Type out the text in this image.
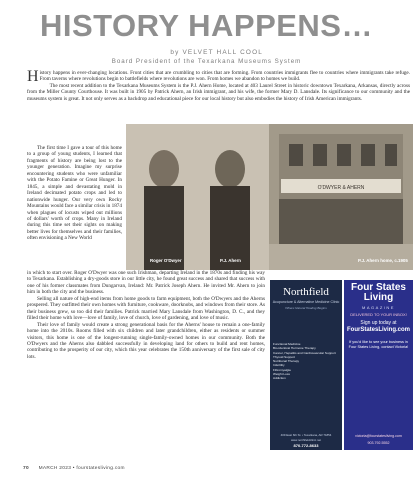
HISTORY HAPPENS…
by VELVET HALL COOL
Board President of the Texarkana Museums System

History happens in ever-changing locations. Front cities that are crumbling to cities that are forming. From countries immigrants flee to countries where immigrants take refuge. From taverns where revolutions begin to battlefields where revolutions are won. From homes we abandon to homes we build.

The most recent addition to the Texarkana Museums System is the P.J. Ahern Home, located at 403 Laurel Street in historic downtown Texarkana, Arkansas, directly across from the Miller County Courthouse. It was built in 1905 by Patrick Ahern, an Irish immigrant, and his wife, the former Mary D. Lansdale. Its significance to our community and the museums system is great. It not only serves as a backdrop and educational piece for our local history but also embodies the history of Irish American immigrants.

The first time I gave a tour of this home to a group of young students, I learned that fragments of history are being lost to the younger generation. Imagine my surprise encountering students who were unfamiliar with the Potato Famine or Great Hunger. In 1845, a simple and devastating mold in Ireland decimated potato crops and led to nationwide hunger. Our very own Rocky Mountains would face a similar crisis in 1874 when plagues of locusts wiped out millions of dollars' worth of crops. Many in Ireland during this time set their sights on making better lives for themselves and their families, often envisioning a New World

O'DWYER & AHERN
Roger O'Dwyer	P.J. Ahern	P.J. Ahern home, c.1905

in which to start over. Roger O'Dwyer was one such Irishman, departing Ireland in the 1870s and finding his way to Texarkana. Establishing a dry-goods store in our little city, he found great success and shared that success with one of his former classmates from Dungarvan, Ireland: Mr. Patrick Joseph Ahern. He invited Mr. Ahern to join him in both the city and the business.

Selling all nature of high-end items from home goods to farm equipment, both the O'Dwyers and the Aherns prospered. They outfitted their own homes with furniture, cookware, doorknobs, and windows from their store. As their business grew, so too did their families. Patrick married Mary Lansdale from Washington, D. C., and they filled their home with love—love of family, love of church, love of gardening, and love of music.

Their love of family would create a strong generational basis for the Aherns' house to remain a one-family home into the 2010s. Rooms filled with six children and later grandchildren, either as residents or summer visitors, this home is one of the longest-running single-family-owned homes in our community. Both the O'Dwyers and the Aherns also dabbled successfully in developing land for others to build and rent homes, contributing to the prosperity of our city, which this year celebrates the 150th anniversary of the first sale of city lots.

Northfield
Acupuncture & Alternative Medicine Clinic
Where Natural Healing Begins
Functional Medicine
Bio-Identical Hormone Therapy
Cancer, Hepatitis and Cardiovascular Support
Thyroid Support
Nutritional Therapy
Infertility
Fibromyalgia
Weight Loss
Addiction
409 East 6th St. • Texarkana, AR 71854
www.northfieldclinic.net
870-772-8633
Four States Living
MAGAZINE
DELIVERED TO YOUR INBOX!
Sign up today at
FourStatesLiving.com
If you'd like to see your business in Four States Living, contact Victoria!
victoria@fourstatesliving.com
903.792.5552
70 MARCH 2023 • fourstatesliving.com
